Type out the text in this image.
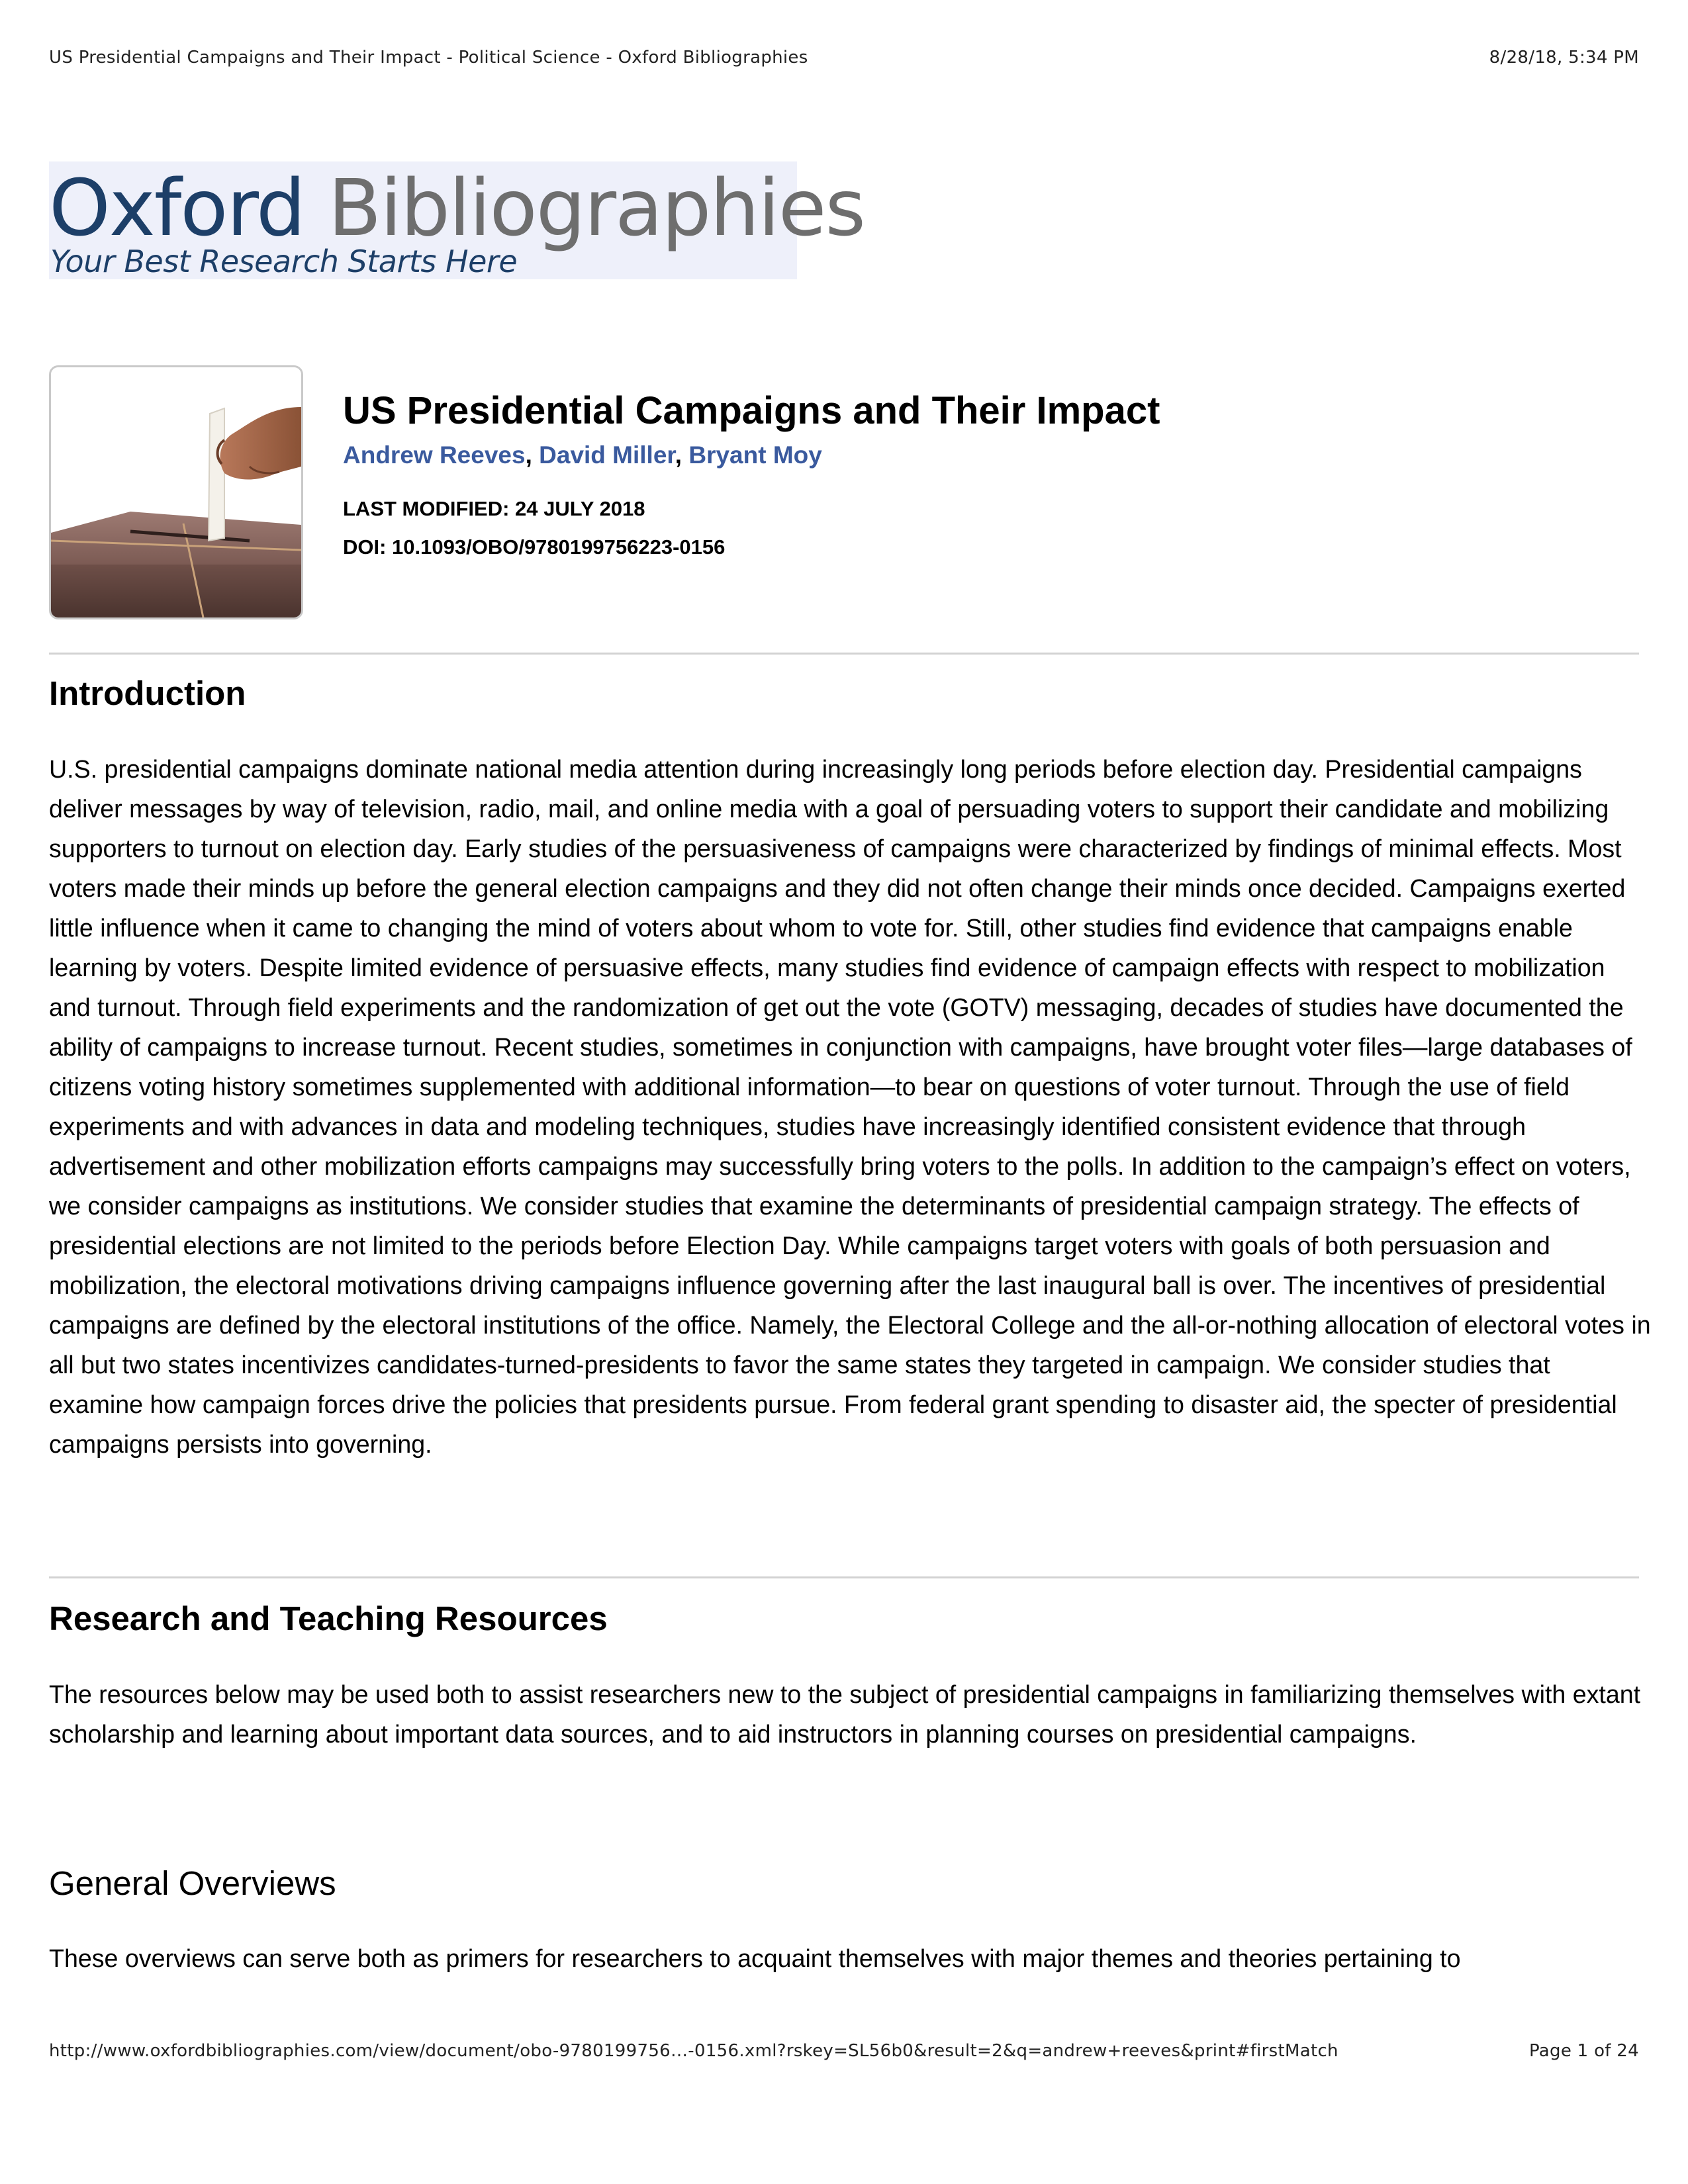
US Presidential Campaigns and Their Impact - Political Science - Oxford Bibliographies	8/28/18, 5:34 PM
Oxford Bibliographies
Your Best Research Starts Here
US Presidential Campaigns and Their Impact
Andrew Reeves, David Miller, Bryant Moy
LAST MODIFIED: 24 JULY 2018
DOI: 10.1093/OBO/9780199756223-0156
Introduction

U.S. presidential campaigns dominate national media attention during increasingly long periods before election day. Presidential campaigns deliver messages by way of television, radio, mail, and online media with a goal of persuading voters to support their candidate and mobilizing supporters to turnout on election day. Early studies of the persuasiveness of campaigns were characterized by findings of minimal effects. Most voters made their minds up before the general election campaigns and they did not often change their minds once decided. Campaigns exerted little influence when it came to changing the mind of voters about whom to vote for. Still, other studies find evidence that campaigns enable learning by voters. Despite limited evidence of persuasive effects, many studies find evidence of campaign effects with respect to mobilization and turnout. Through field experiments and the randomization of get out the vote (GOTV) messaging, decades of studies have documented the ability of campaigns to increase turnout. Recent studies, sometimes in conjunction with campaigns, have brought voter files—large databases of citizens voting history sometimes supplemented with additional information—to bear on questions of voter turnout. Through the use of field experiments and with advances in data and modeling techniques, studies have increasingly identified consistent evidence that through advertisement and other mobilization efforts campaigns may successfully bring voters to the polls. In addition to the campaign’s effect on voters, we consider campaigns as institutions. We consider studies that examine the determinants of presidential campaign strategy. The effects of presidential elections are not limited to the periods before Election Day. While campaigns target voters with goals of both persuasion and mobilization, the electoral motivations driving campaigns influence governing after the last inaugural ball is over. The incentives of presidential campaigns are defined by the electoral institutions of the office. Namely, the Electoral College and the all-or-nothing allocation of electoral votes in all but two states incentivizes candidates-turned-presidents to favor the same states they targeted in campaign. We consider studies that examine how campaign forces drive the policies that presidents pursue. From federal grant spending to disaster aid, the specter of presidential campaigns persists into governing.

Research and Teaching Resources

The resources below may be used both to assist researchers new to the subject of presidential campaigns in familiarizing themselves with extant scholarship and learning about important data sources, and to aid instructors in planning courses on presidential campaigns.

General Overviews

These overviews can serve both as primers for researchers to acquaint themselves with major themes and theories pertaining to

http://www.oxfordbibliographies.com/view/document/obo-9780199756…-0156.xml?rskey=SL56b0&result=2&q=andrew+reeves&print#firstMatch	Page 1 of 24
